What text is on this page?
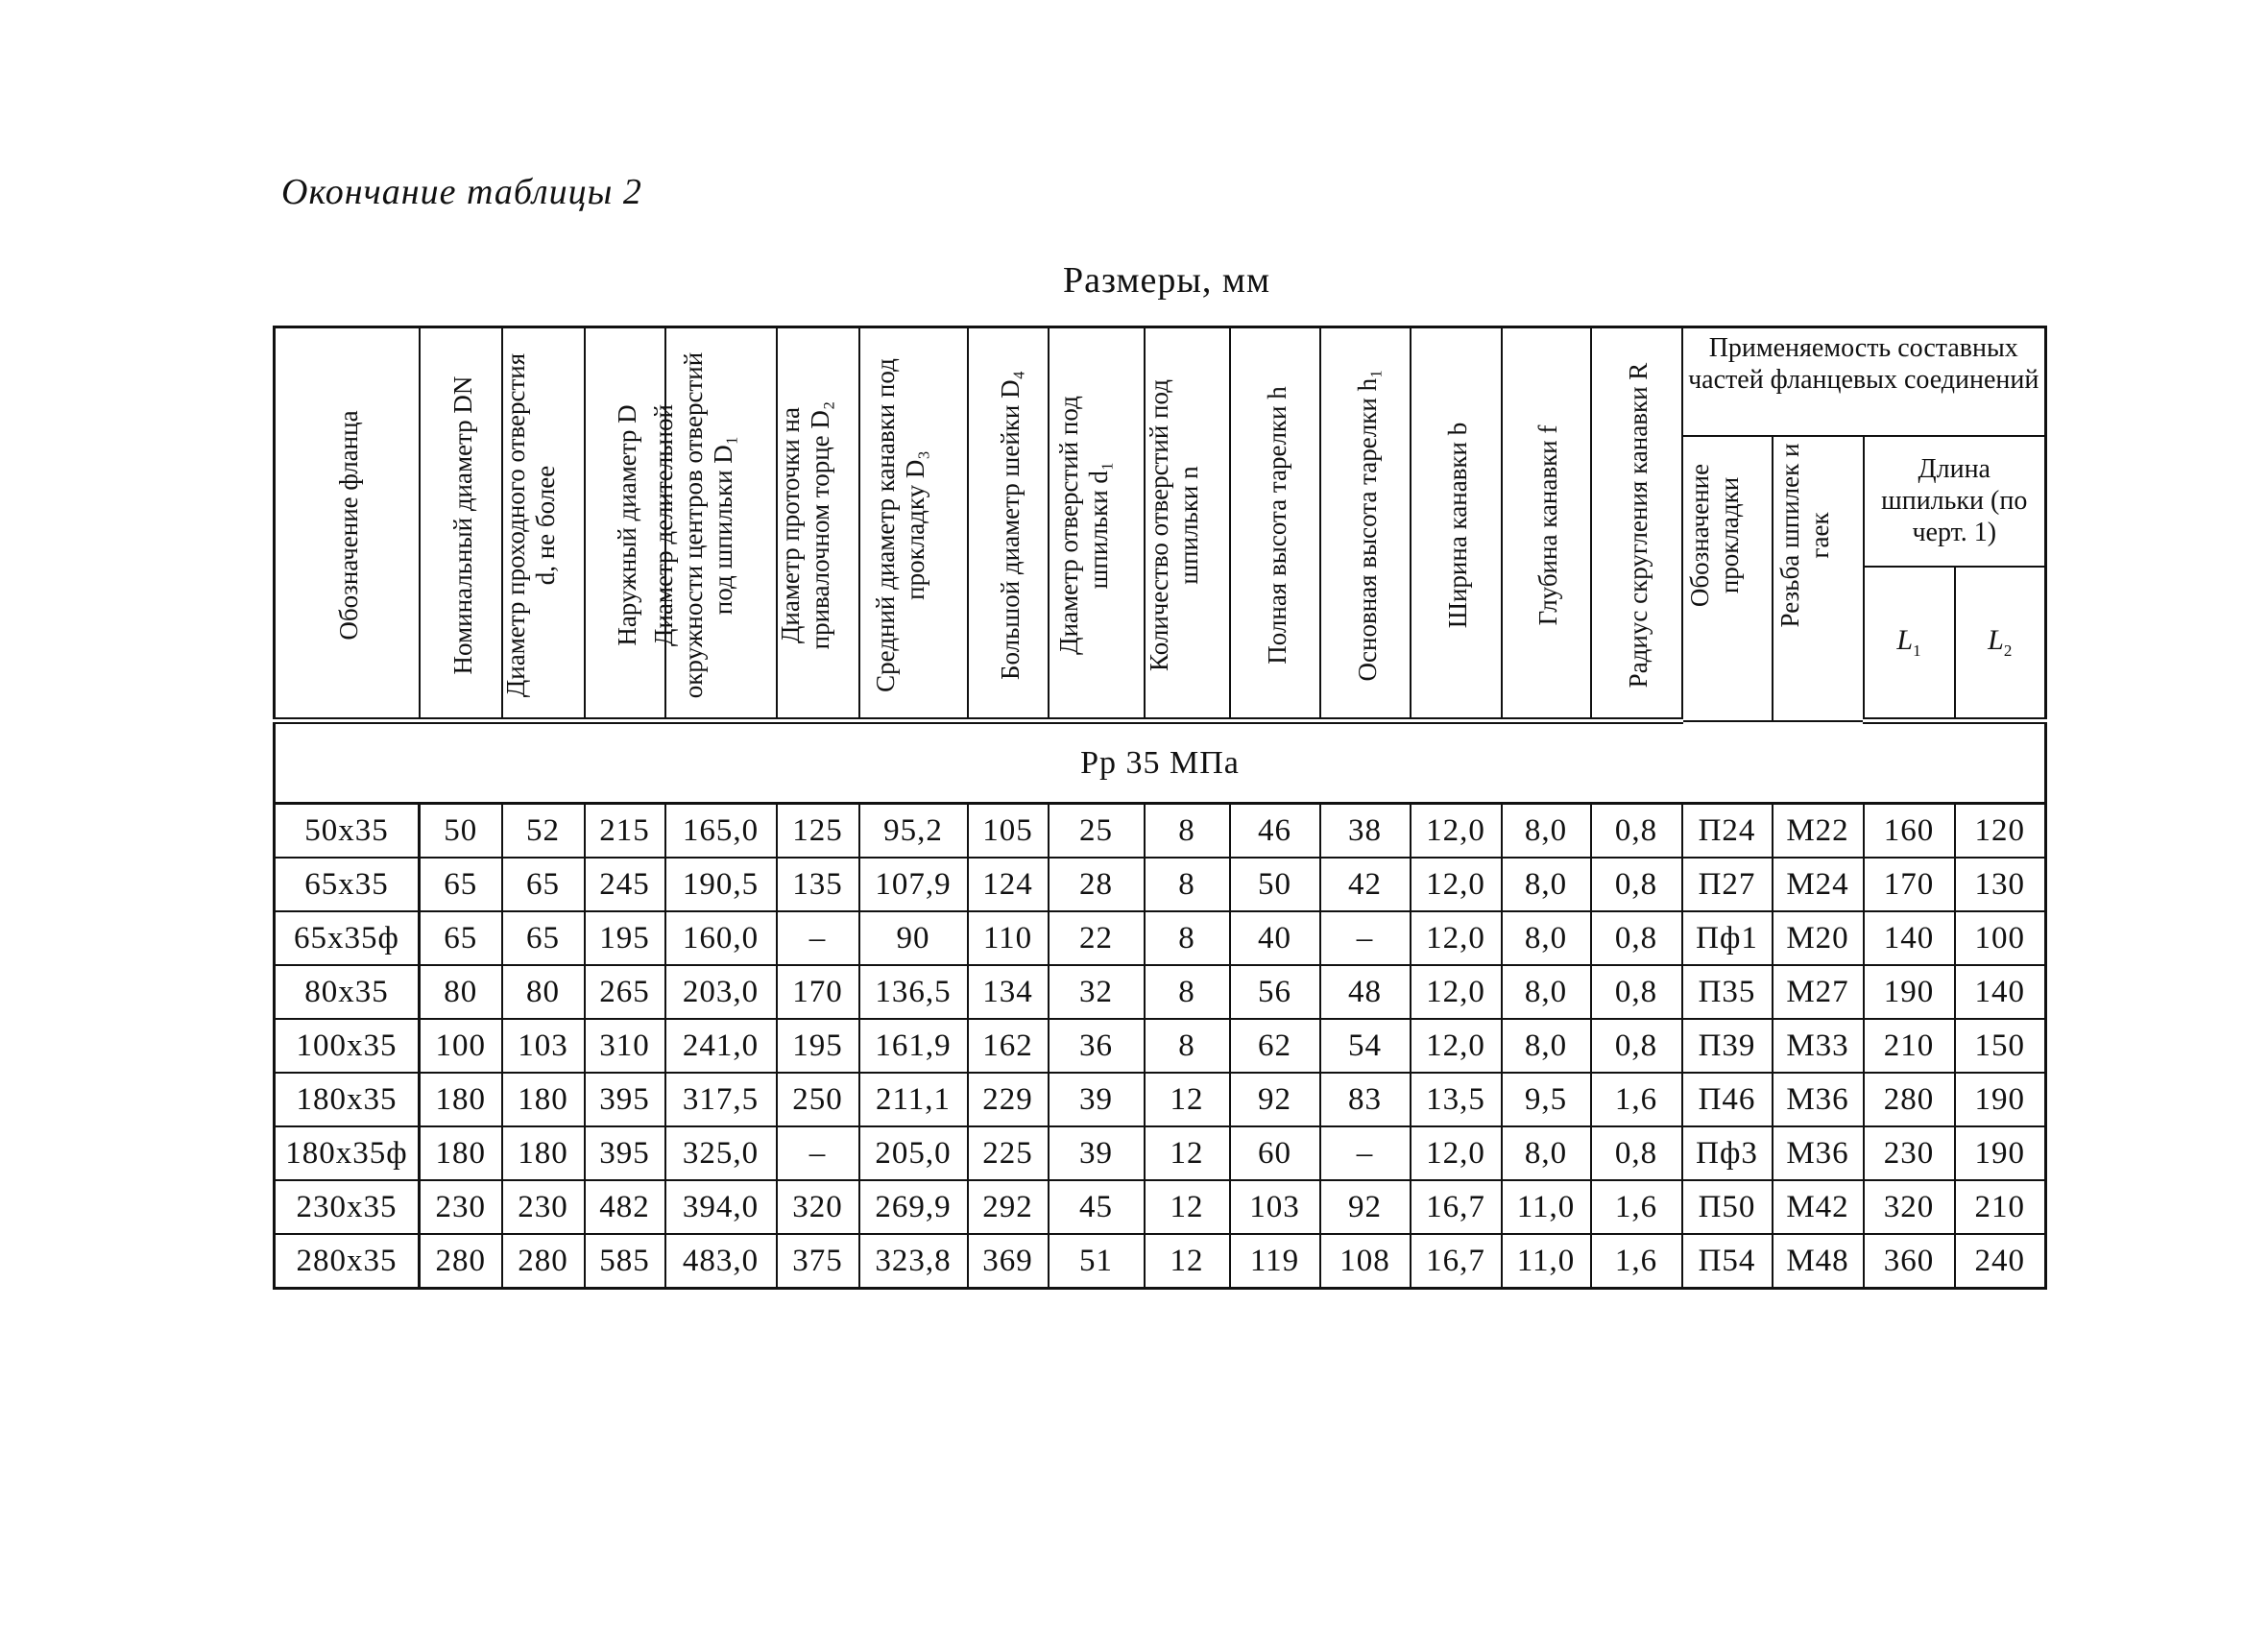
Окончание таблицы 2
Размеры, мм
Обозначение фланца	Номинальный диаметр DN	Диаметр проходного отверстия d, не более	Наружный диаметр D	Диаметр делительной окружности центров отверстий под шпильки D₁	Диаметр проточки на привалочном торце D₂	Средний диаметр канавки под прокладку D₃	Большой диаметр шейки D₄	Диаметр отверстий под шпильки d₁	Количество отверстий под шпильки n	Полная высота тарелки h	Основная высота тарелки h₁	Ширина канавки b	Глубина канавки f	Радиус скругления канавки R	Применяемость составных частей фланцевых соединений			

															Обозначение прокладки	Резьба шпилек и гаек	Длина шпильки (по черт. 1)	
																	$L_1$	$L_2$
Рр 35 МПа																		
50x35	50	52	215	165,0	125	95,2	105	25	8	46	38	12,0	8,0	0,8	П24	М22	160	120
65x35	65	65	245	190,5	135	107,9	124	28	8	50	42	12,0	8,0	0,8	П27	М24	170	130
65x35ф	65	65	195	160,0	–	90	110	22	8	40	–	12,0	8,0	0,8	Пф1	М20	140	100
80x35	80	80	265	203,0	170	136,5	134	32	8	56	48	12,0	8,0	0,8	П35	М27	190	140
100x35	100	103	310	241,0	195	161,9	162	36	8	62	54	12,0	8,0	0,8	П39	М33	210	150
180x35	180	180	395	317,5	250	211,1	229	39	12	92	83	13,5	9,5	1,6	П46	М36	280	190
180x35ф	180	180	395	325,0	–	205,0	225	39	12	60	–	12,0	8,0	0,8	Пф3	М36	230	190
230x35	230	230	482	394,0	320	269,9	292	45	12	103	92	16,7	11,0	1,6	П50	М42	320	210
280x35	280	280	585	483,0	375	323,8	369	51	12	119	108	16,7	11,0	1,6	П54	М48	360	240
